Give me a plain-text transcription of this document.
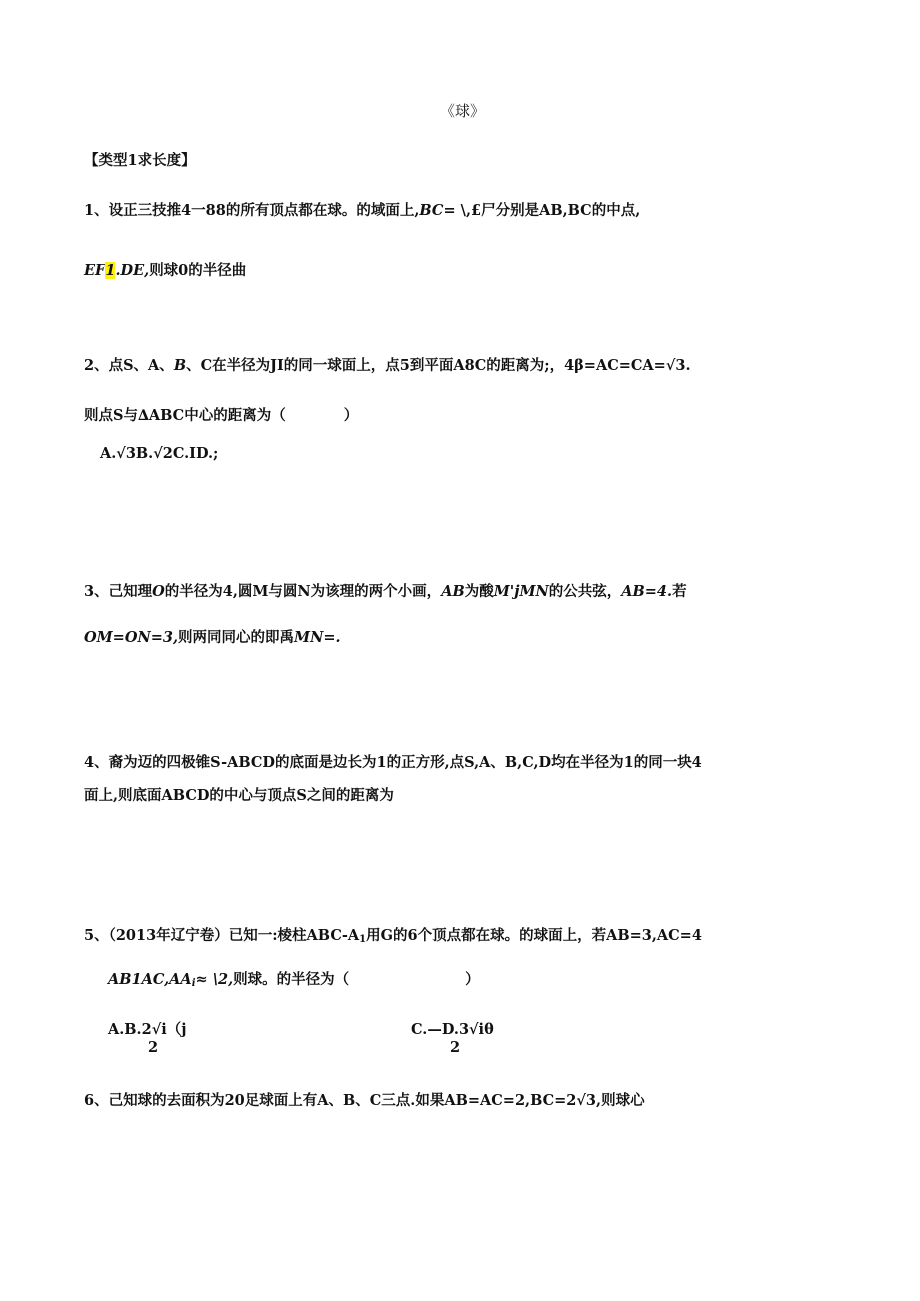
《球》
【类型1求长度】
1、设正三技推4一88的所有顶点都在球。的域面上,BC= \,£尸分别是AB,BC的中点,
EF1.DE,则球0的半径曲
2、点S、A、B、C在半径为JI的同一球面上，点5到平面A8C的距离为;，4β=AC=CA=√3.
则点S与∆ABC中心的距离为（　　　　）
A.√3B.√2C.ID.;
3、己知理O的半径为4,圆M与圆N为该理的两个小画，AB为酸M'jMN的公共弦，AB=4.若
OM=ON=3,则两同同心的即禹MN=.
4、裔为迈的四极锥S-ABCD的底面是边长为1的正方形,点S,A、B,C,D均在半径为1的同一块4
面上,则底面ABCD的中心与顶点S之间的距离为
5、（2013年辽宁卷）已知一:棱柱ABC-$A_1$用G的6个顶点都在球。的球面上，若AB=3,AC=4
$AB1AC,AA_i\approx$ \2,则球。的半径为（　　　　　　　　）
A.B.2√i（j
2
C.—D.3√iθ
2
6、己知球的去面积为20足球面上有A、B、C三点.如果AB=AC=2,BC=2√3,则球心
